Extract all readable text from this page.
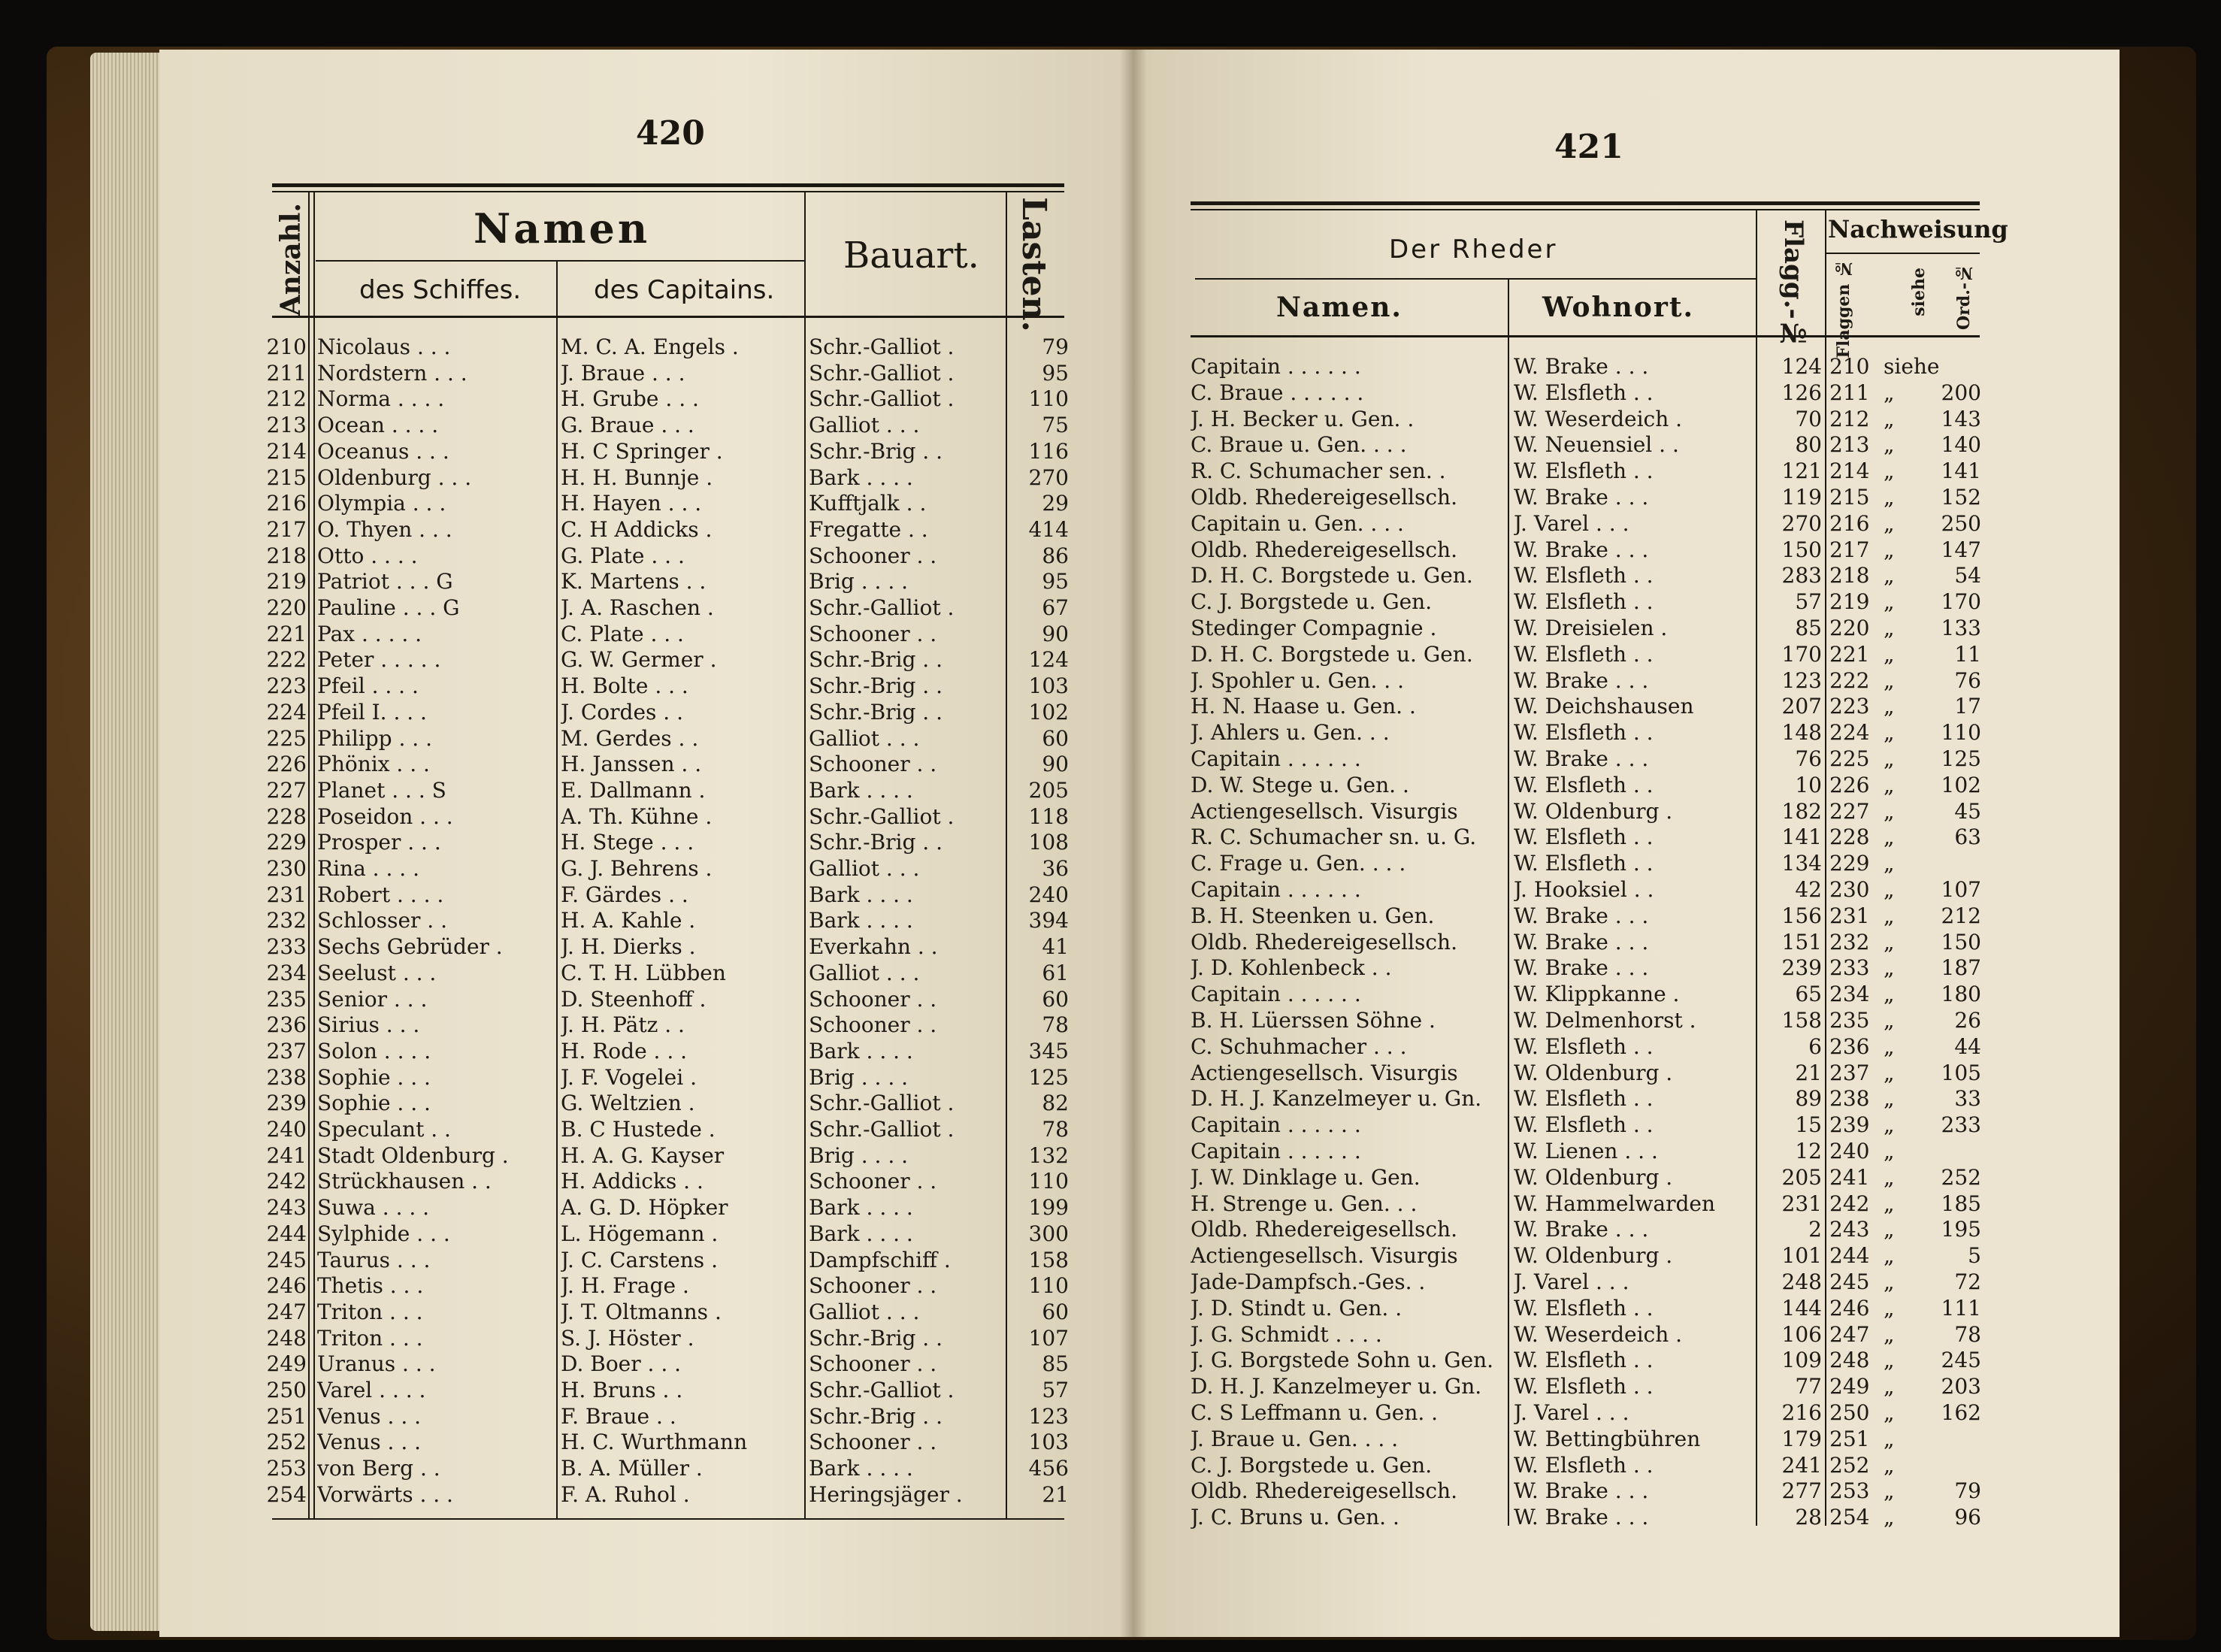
420
Anzahl.	Namen
des Schiffes.	des Capitains.
Bauart. Lasten.
210 Nicolaus . . .	M. C. A. Engels .	Schr.-Galliot .	79
211 Nordstern . . .	J. Braue . . .	Schr.-Galliot .	95
212 Norma . . . .	H. Grube . . .	Schr.-Galliot .	110
213 Ocean . . . .	G. Braue . . .	Galliot . . .	75
214 Oceanus . . .	H. C Springer .	Schr.-Brig . .	116
215 Oldenburg . . .	H. H. Bunnje .	Bark . . . .	270
216 Olympia . . .	H. Hayen . . .	Kufftjalk . .	29
217 O. Thyen . . .	C. H Addicks .	Fregatte . .	414
218 Otto . . . .	G. Plate . . .	Schooner . .	86
219 Patriot . . . G	K. Martens . .	Brig . . . .	95
220 Pauline . . . G	J. A. Raschen .	Schr.-Galliot .	67
221 Pax . . . . .	C. Plate . . .	Schooner . .	90
222 Peter . . . . .	G. W. Germer .	Schr.-Brig . .	124
223 Pfeil . . . .	H. Bolte . . .	Schr.-Brig . .	103
224 Pfeil I. . . .	J. Cordes . .	Schr.-Brig . .	102
225 Philipp . . .	M. Gerdes . .	Galliot . . .	60
226 Phönix . . .	H. Janssen . .	Schooner . .	90
227 Planet . . . S	E. Dallmann .	Bark . . . .	205
228 Poseidon . . .	A. Th. Kühne .	Schr.-Galliot .	118
229 Prosper . . .	H. Stege . . .	Schr.-Brig . .	108
230 Rina . . . .	G. J. Behrens .	Galliot . . .	36
231 Robert . . . .	F. Gärdes . .	Bark . . . .	240
232 Schlosser . .	H. A. Kahle .	Bark . . . .	394
233 Sechs Gebrüder .	J. H. Dierks .	Everkahn . .	41
234 Seelust . . .	C. T. H. Lübben	Galliot . . .	61
235 Senior . . .	D. Steenhoff .	Schooner . .	60
236 Sirius . . .	J. H. Pätz . .	Schooner . .	78
237 Solon . . . .	H. Rode . . .	Bark . . . .	345
238 Sophie . . .	J. F. Vogelei .	Brig . . . .	125
239 Sophie . . .	G. Weltzien .	Schr.-Galliot .	82
240 Speculant . .	B. C Hustede .	Schr.-Galliot .	78
241 Stadt Oldenburg .	H. A. G. Kayser	Brig . . . .	132
242 Strückhausen . .	H. Addicks . .	Schooner . .	110
243 Suwa . . . .	A. G. D. Höpker	Bark . . . .	199
244 Sylphide . . .	L. Högemann .	Bark . . . .	300
245 Taurus . . .	J. C. Carstens .	Dampfschiff .	158
246 Thetis . . .	J. H. Frage .	Schooner . .	110
247 Triton . . .	J. T. Oltmanns .	Galliot . . .	60
248 Triton . . .	S. J. Höster .	Schr.-Brig . .	107
249 Uranus . . .	D. Boer . . .	Schooner . .	85
250 Varel . . . .	H. Bruns . .	Schr.-Galliot .	57
251 Venus . . .	F. Braue . .	Schr.-Brig . .	123
252 Venus . . .	H. C. Wurthmann	Schooner . .	103
253 von Berg . .	B. A. Müller .	Bark . . . .	456
254 Vorwärts . . .	F. A. Ruhol .	Heringsjäger .	21
421
Der Rheder
Namen.	Wohnort.	Flagg.-№ Nachweisung
Flaggen №	siehe Ord.-№
Capitain . . . . . .	W. Brake . . .	124 210 siehe
C. Braue . . . . . .	W. Elsfleth . .	126 211 „	200
J. H. Becker u. Gen. .	W. Weserdeich .	70 212 „	143
C. Braue u. Gen. . . .	W. Neuensiel . .	80 213 „	140
R. C. Schumacher sen. .	W. Elsfleth . .	121 214 „	141
Oldb. Rhedereigesellsch.	W. Brake . . .	119 215 „	152
Capitain u. Gen. . . .	J. Varel . . .	270 216 „	250
Oldb. Rhedereigesellsch.	W. Brake . . .	150 217 „	147
D. H. C. Borgstede u. Gen.	W. Elsfleth . .	283 218 „	54
C. J. Borgstede u. Gen.	W. Elsfleth . .	57 219 „	170
Stedinger Compagnie .	W. Dreisielen .	85 220 „	133
D. H. C. Borgstede u. Gen.	W. Elsfleth . .	170 221 „	11
J. Spohler u. Gen. . .	W. Brake . . .	123 222 „	76
H. N. Haase u. Gen. .	W. Deichshausen	207 223 „	17
J. Ahlers u. Gen. . .	W. Elsfleth . .	148 224 „	110
Capitain . . . . . .	W. Brake . . .	76 225 „	125
D. W. Stege u. Gen. .	W. Elsfleth . .	10 226 „	102
Actiengesellsch. Visurgis	W. Oldenburg .	182 227 „	45
R. C. Schumacher sn. u. G.	W. Elsfleth . .	141 228 „	63
C. Frage u. Gen. . . .	W. Elsfleth . .	134 229 „
Capitain . . . . . .	J. Hooksiel . .	42 230 „	107
B. H. Steenken u. Gen.	W. Brake . . .	156 231 „	212
Oldb. Rhedereigesellsch.	W. Brake . . .	151 232 „	150
J. D. Kohlenbeck . .	W. Brake . . .	239 233 „	187
Capitain . . . . . .	W. Klippkanne .	65 234 „	180
B. H. Lüerssen Söhne .	W. Delmenhorst .	158 235 „	26
C. Schuhmacher . . .	W. Elsfleth . .	6 236 „	44
Actiengesellsch. Visurgis	W. Oldenburg .	21 237 „	105
D. H. J. Kanzelmeyer u. Gn.	W. Elsfleth . .	89 238 „	33
Capitain . . . . . .	W. Elsfleth . .	15 239 „	233
Capitain . . . . . .	W. Lienen . . .	12 240 „
J. W. Dinklage u. Gen.	W. Oldenburg .	205 241 „	252
H. Strenge u. Gen. . .	W. Hammelwarden	231 242 „	185
Oldb. Rhedereigesellsch.	W. Brake . . .	2 243 „	195
Actiengesellsch. Visurgis	W. Oldenburg .	101 244 „	5
Jade-Dampfsch.-Ges. .	J. Varel . . .	248 245 „	72
J. D. Stindt u. Gen. .	W. Elsfleth . .	144 246 „	111
J. G. Schmidt . . . .	W. Weserdeich .	106 247 „	78
J. G. Borgstede Sohn u. Gen. W. Elsfleth . .	109 248 „	245
D. H. J. Kanzelmeyer u. Gn.	W. Elsfleth . .	77 249 „	203
C. S Leffmann u. Gen. .	J. Varel . . .	216 250 „	162
J. Braue u. Gen. . . .	W. Bettingbühren	179 251 „
C. J. Borgstede u. Gen.	W. Elsfleth . .	241 252 „
Oldb. Rhedereigesellsch.	W. Brake . . .	277 253 „	79
J. C. Bruns u. Gen. .	W. Brake . . .	28 254 „	96
